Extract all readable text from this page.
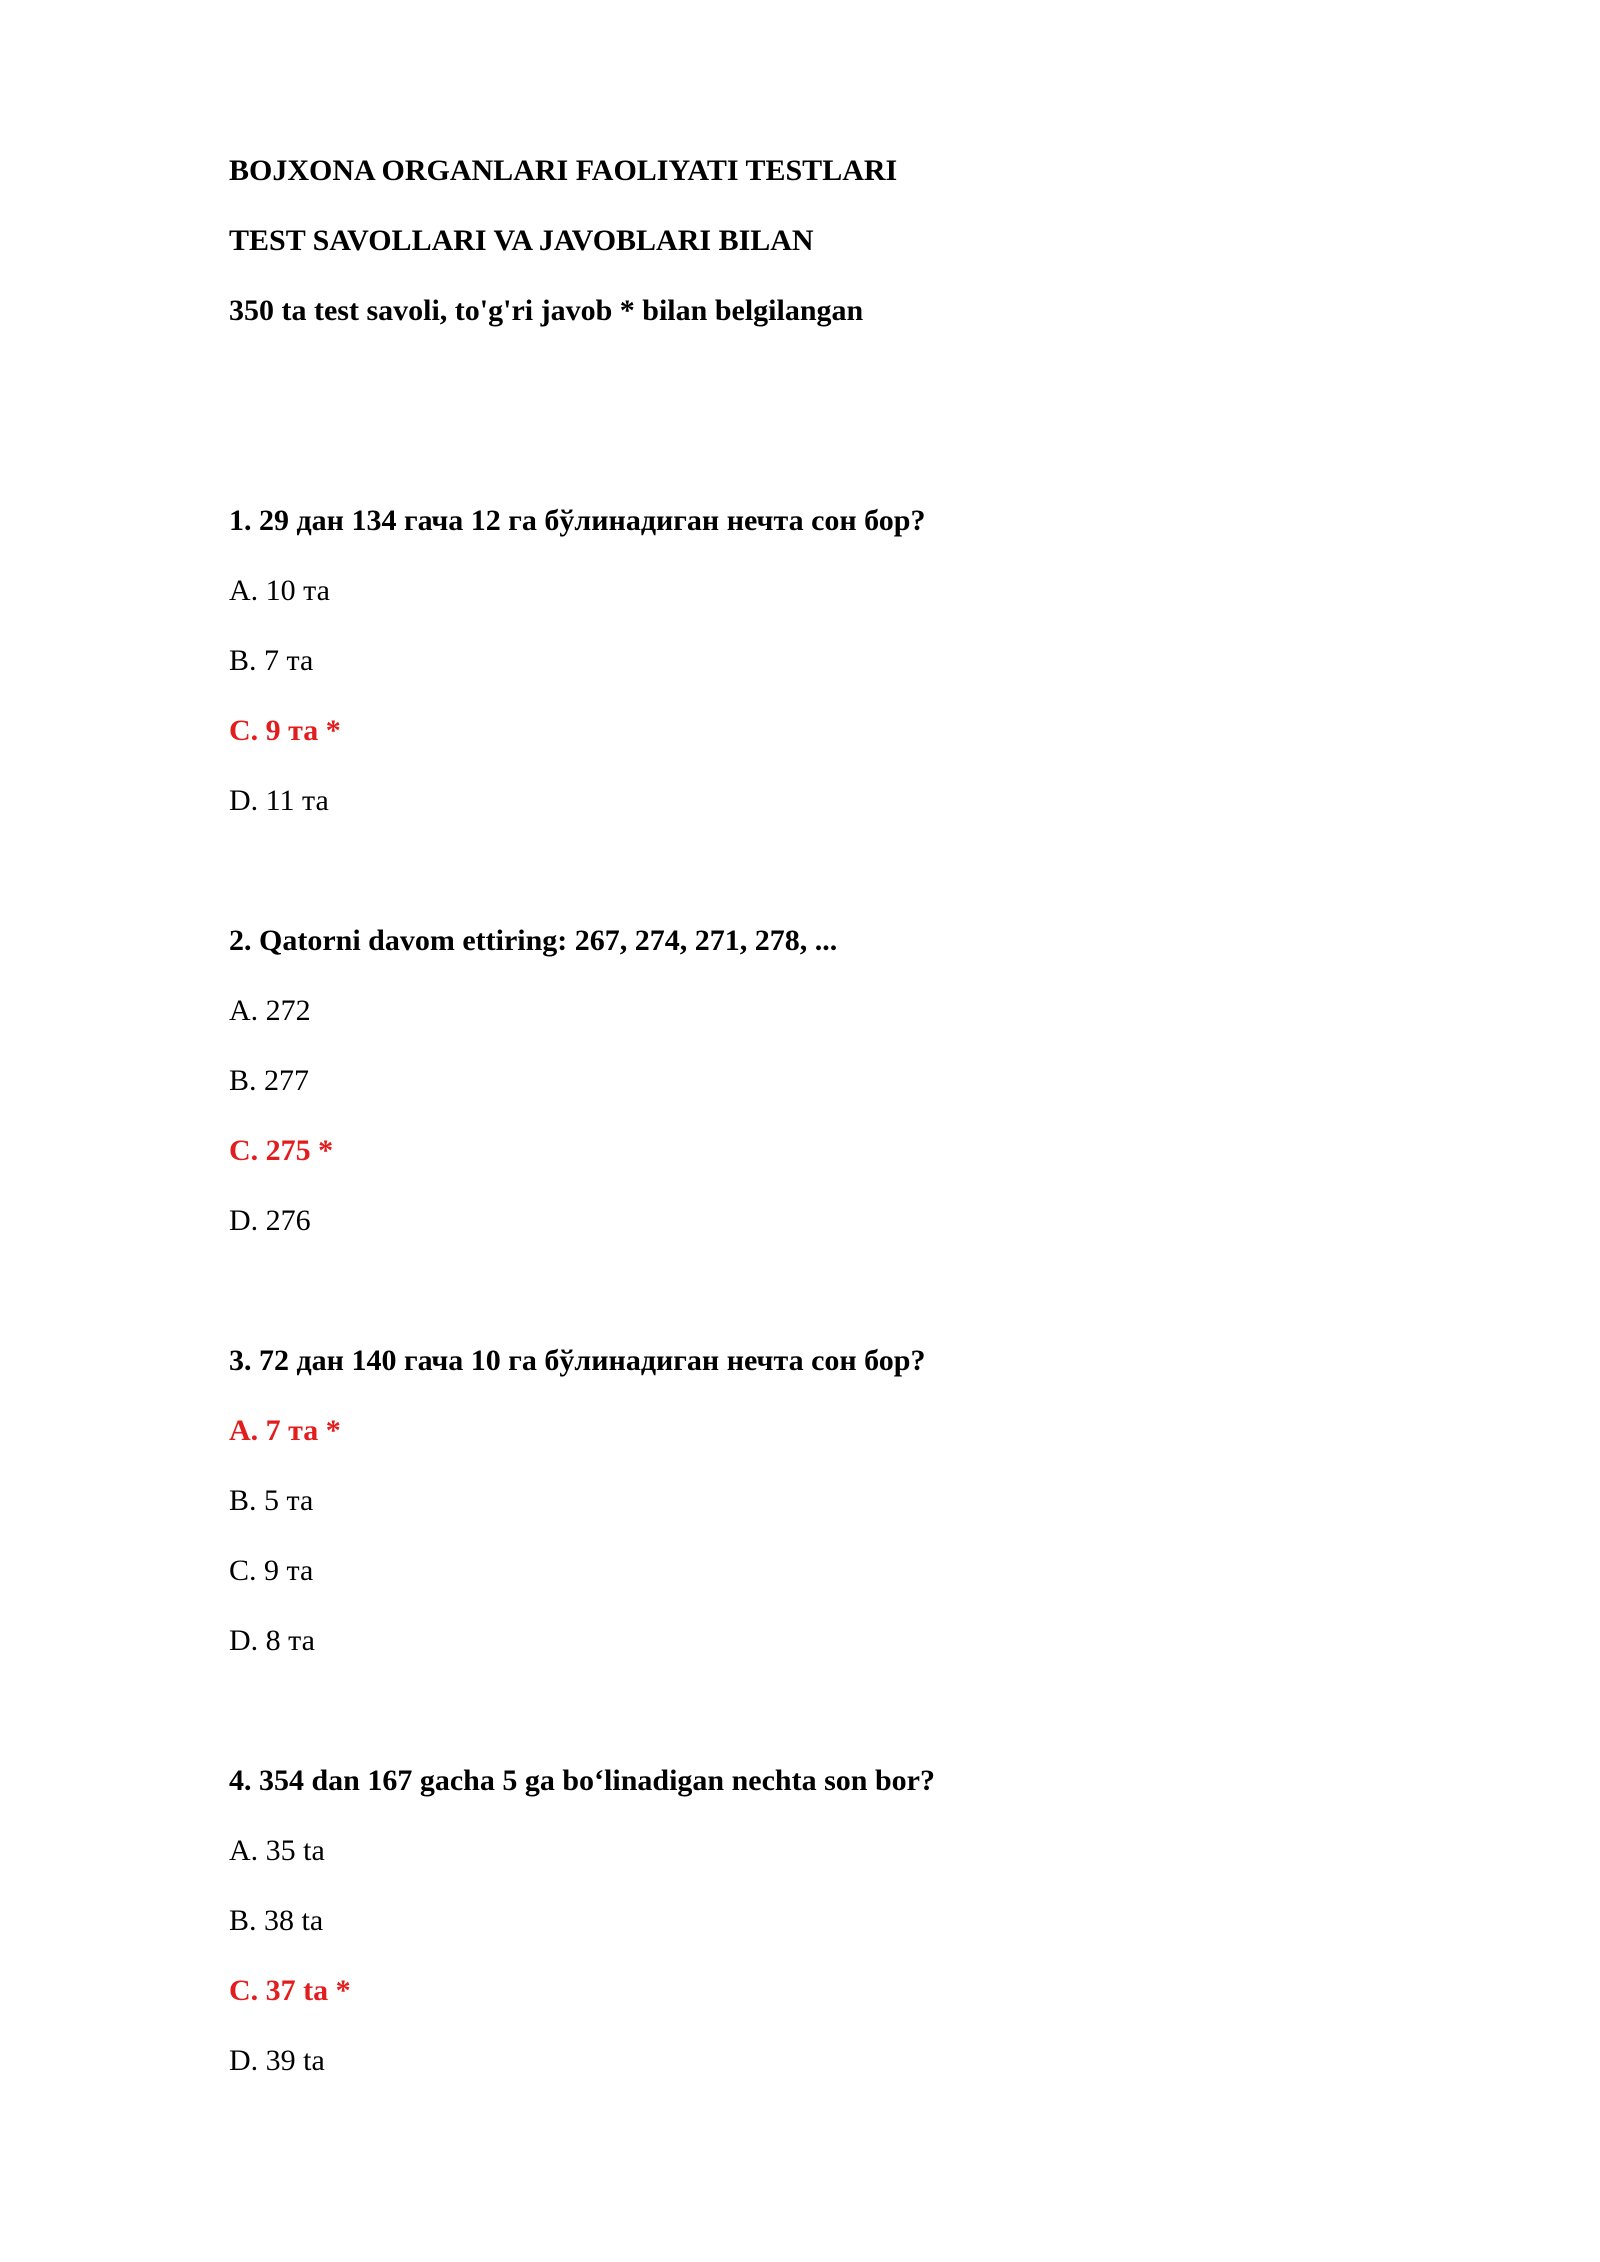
BOJXONA ORGANLARI FAOLIYATI TESTLARI
TEST SAVOLLARI VA JAVOBLARI BILAN
350 ta test savoli, to'g'ri javob * bilan belgilangan
1. 29 дан 134 гача 12 га бўлинадиган нечта сон бор?
A. 10 та
B. 7 та
C. 9 та *
D. 11 та
2. Qatorni davom ettiring: 267, 274, 271, 278, ...
A. 272
B. 277
C. 275 *
D. 276
3. 72 дан 140 гача 10 га бўлинадиган нечта сон бор?
A. 7 та *
B. 5 та
C. 9 та
D. 8 та
4. 354 dan 167 gacha 5 ga bo‘linadigan nechta son bor?
A. 35 ta
B. 38 ta
C. 37 ta *
D. 39 ta
